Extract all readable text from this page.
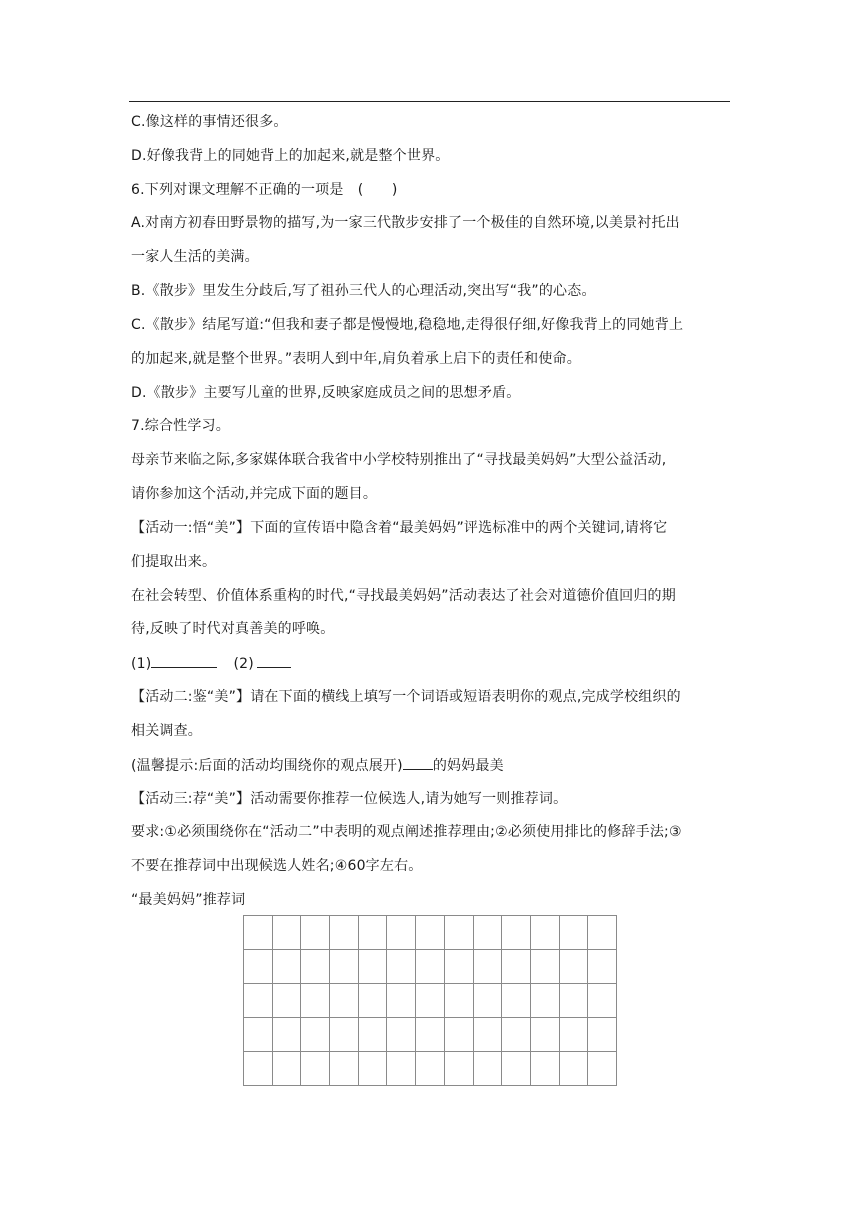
C.像这样的事情还很多。
D.好像我背上的同她背上的加起来,就是整个世界。
6.下列对课文理解不正确的一项是　(　　)
A.对南方初春田野景物的描写,为一家三代散步安排了一个极佳的自然环境,以美景衬托出
一家人生活的美满。
B.《散步》里发生分歧后,写了祖孙三代人的心理活动,突出写“我”的心态。
C.《散步》结尾写道:“但我和妻子都是慢慢地,稳稳地,走得很仔细,好像我背上的同她背上
的加起来,就是整个世界。”表明人到中年,肩负着承上启下的责任和使命。
D.《散步》主要写儿童的世界,反映家庭成员之间的思想矛盾。
7.综合性学习。
母亲节来临之际,多家媒体联合我省中小学校特别推出了“寻找最美妈妈”大型公益活动,
请你参加这个活动,并完成下面的题目。
【活动一:悟“美”】下面的宣传语中隐含着“最美妈妈”评选标准中的两个关键词,请将它
们提取出来。
在社会转型、价值体系重构的时代,“寻找最美妈妈”活动表达了社会对道德价值回归的期
待,反映了时代对真善美的呼唤。
(1)	(2)
【活动二:鉴“美”】请在下面的横线上填写一个词语或短语表明你的观点,完成学校组织的
相关调查。
(温馨提示:后面的活动均围绕你的观点展开) 的妈妈最美
【活动三:荐“美”】活动需要你推荐一位候选人,请为她写一则推荐词。
要求:①必须围绕你在“活动二”中表明的观点阐述推荐理由;②必须使用排比的修辞手法;③
不要在推荐词中出现候选人姓名;④60字左右。
“最美妈妈”推荐词
